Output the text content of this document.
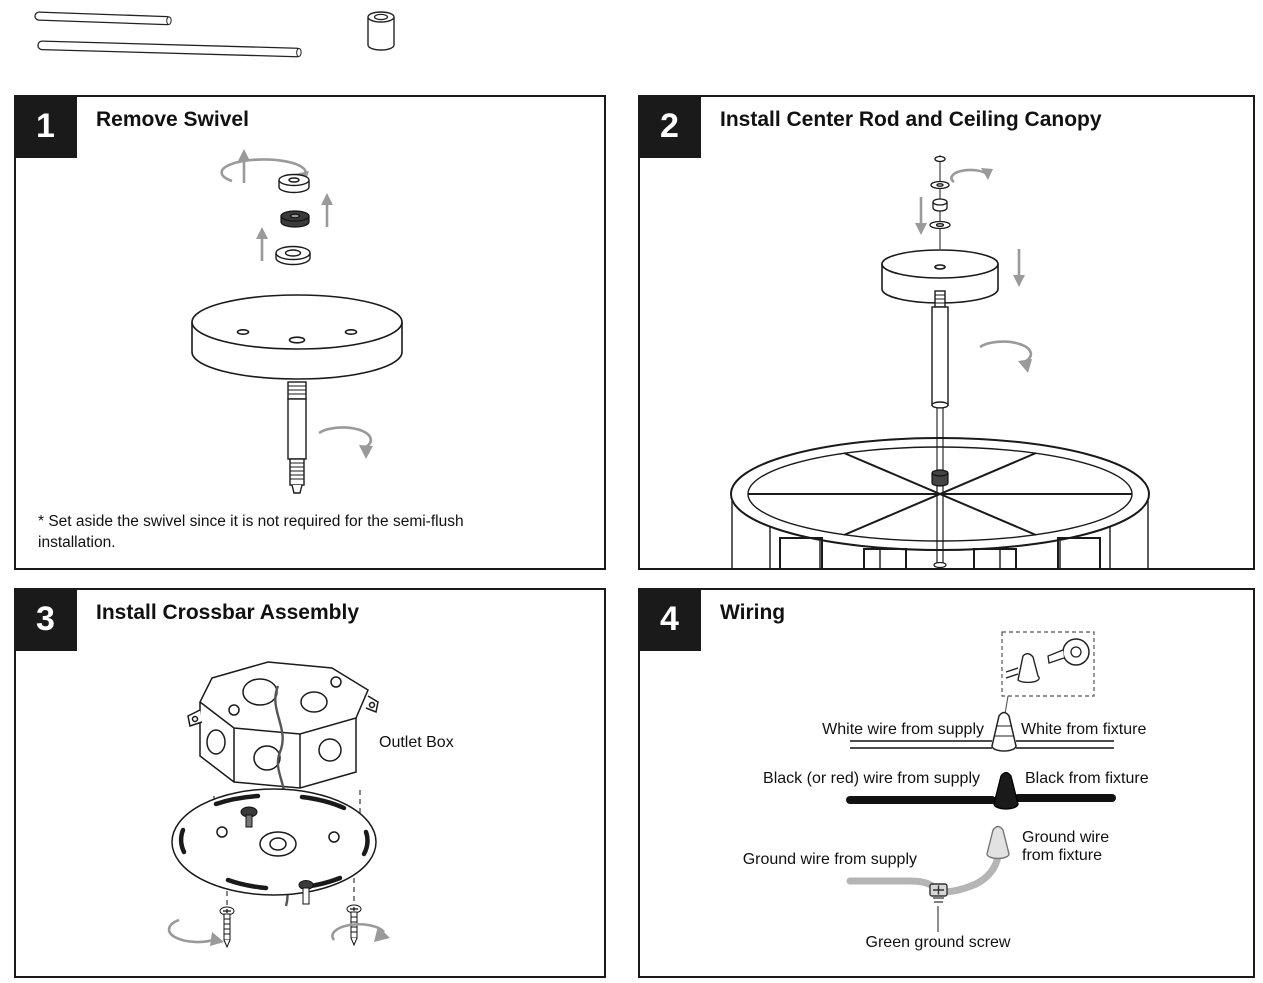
1	Remove Swivel

* Set aside the swivel since it is not required for the semi-flush installation.

2	Install Center Rod and Ceiling Canopy
3	Install Crossbar Assembly
Outlet Box
4	Wiring
White wire from supply White from fixture
Black (or red) wire from supply	Black from fixture
Ground wire from supply
Ground wire from fixture
Green ground screw
